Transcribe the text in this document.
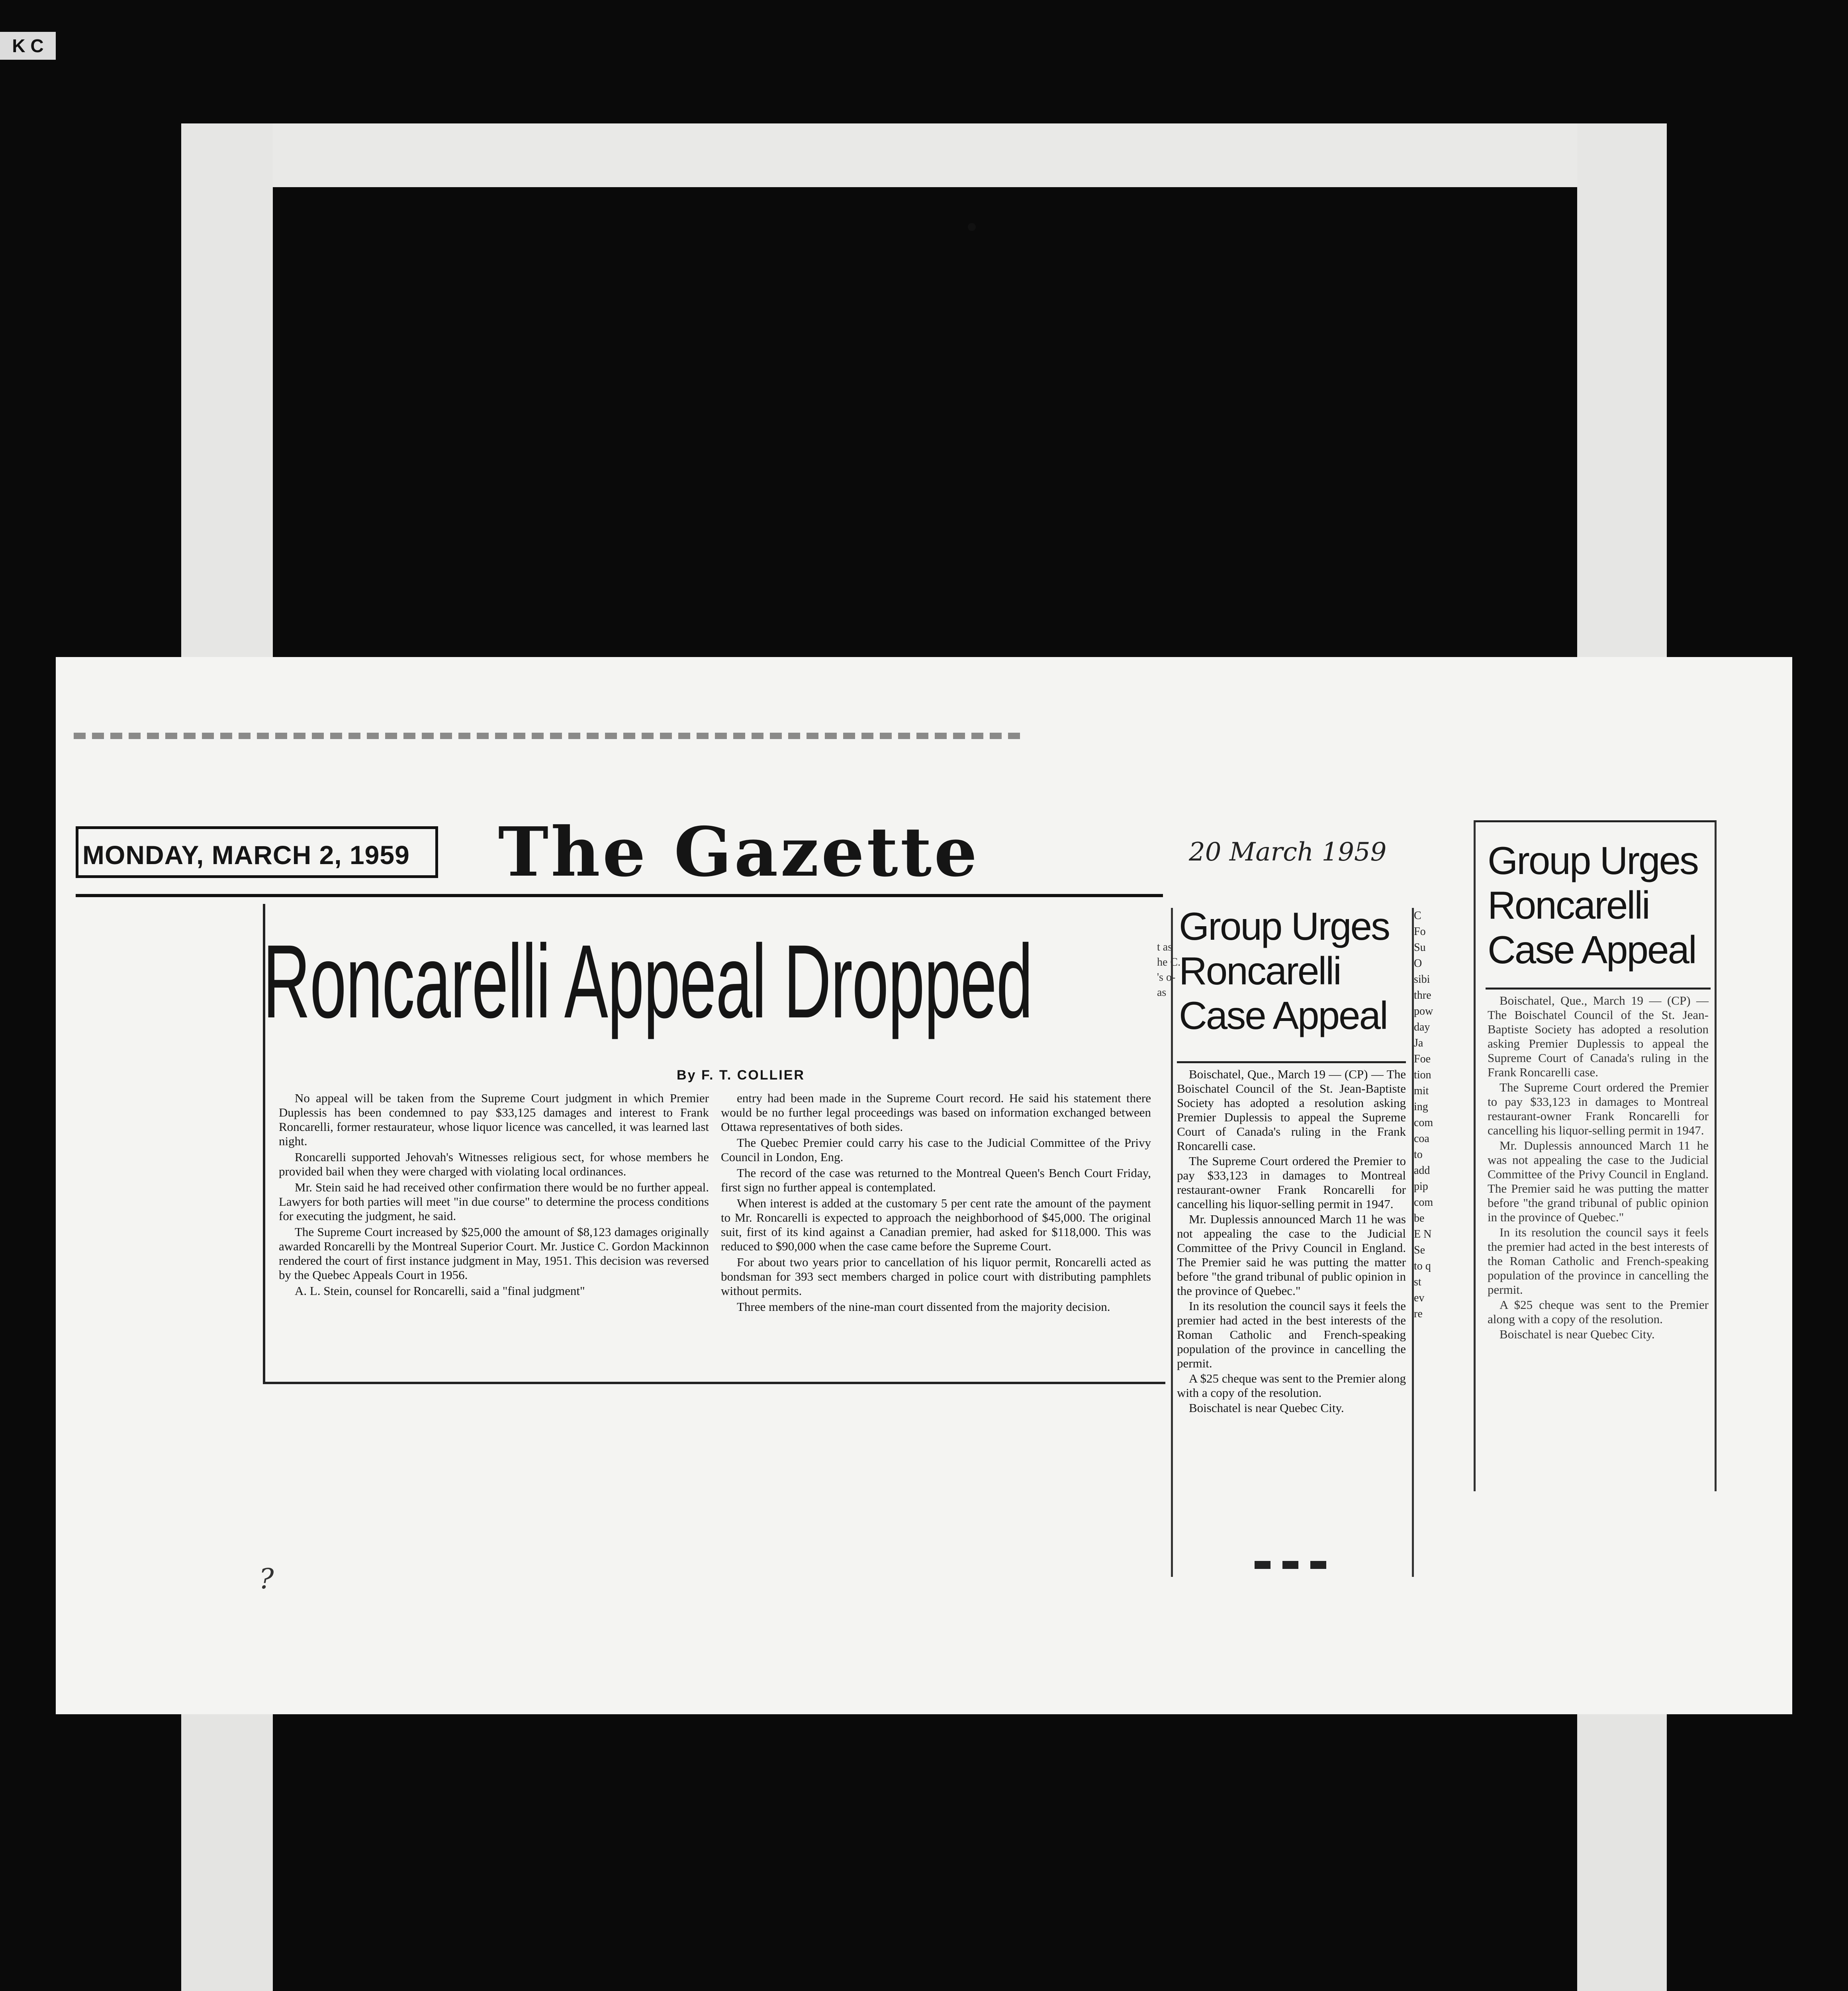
K C
MONDAY, MARCH 2, 1959	The Gazette
Roncarelli Appeal Dropped
By F. T. COLLIER

No appeal will be taken from the Supreme Court judgment in which Premier Duplessis has been condemned to pay $33,125 damages and interest to Frank Roncarelli, former restaurateur, whose liquor licence was cancelled, it was learned last night.

Roncarelli supported Jehovah's Witnesses religious sect, for whose members he provided bail when they were charged with violating local ordinances.

Mr. Stein said he had received other confirmation there would be no further appeal. Lawyers for both parties will meet "in due course" to determine the process conditions for executing the judgment, he said.

The Supreme Court increased by $25,000 the amount of $8,123 damages originally awarded Roncarelli by the Montreal Superior Court. Mr. Justice C. Gordon Mackinnon rendered the court of first instance judgment in May, 1951. This decision was reversed by the Quebec Appeals Court in 1956.

A. L. Stein, counsel for Roncarelli, said a "final judgment"

entry had been made in the Supreme Court record. He said his statement there would be no further legal proceedings was based on information exchanged between Ottawa representatives of both sides.

The Quebec Premier could carry his case to the Judicial Committee of the Privy Council in London, Eng.

The record of the case was returned to the Montreal Queen's Bench Court Friday, first sign no further appeal is contemplated.

When interest is added at the customary 5 per cent rate the amount of the payment to Mr. Roncarelli is expected to approach the neighborhood of $45,000. The original suit, first of its kind against a Canadian premier, had asked for $118,000. This was reduced to $90,000 when the case came before the Supreme Court.

For about two years prior to cancellation of his liquor permit, Roncarelli acted as bondsman for 393 sect members charged in police court with distributing pamphlets without permits.

Three members of the nine-man court dissented from the majority decision.

t as he C. 's o- as
C Fo Su O sibi thre pow day Ja Foe tion mit ing com coa to add pip com be E N Se to q st ev re
20 March 1959
Group Urges Roncarelli Case Appeal

Boischatel, Que., March 19 — (CP) — The Boischatel Council of the St. Jean-Baptiste Society has adopted a resolution asking Premier Duplessis to appeal the Supreme Court of Canada's ruling in the Frank Roncarelli case.

The Supreme Court ordered the Premier to pay $33,123 in damages to Montreal restaurant-owner Frank Roncarelli for cancelling his liquor-selling permit in 1947.

Mr. Duplessis announced March 11 he was not appealing the case to the Judicial Committee of the Privy Council in England. The Premier said he was putting the matter before "the grand tribunal of public opinion in the province of Quebec."

In its resolution the council says it feels the premier had acted in the best interests of the Roman Catholic and French-speaking population of the province in cancelling the permit.

A $25 cheque was sent to the Premier along with a copy of the resolution.

Boischatel is near Quebec City.

Group Urges Roncarelli Case Appeal

Boischatel, Que., March 19 — (CP) — The Boischatel Council of the St. Jean-Baptiste Society has adopted a resolution asking Premier Duplessis to appeal the Supreme Court of Canada's ruling in the Frank Roncarelli case.

The Supreme Court ordered the Premier to pay $33,123 in damages to Montreal restaurant-owner Frank Roncarelli for cancelling his liquor-selling permit in 1947.

Mr. Duplessis announced March 11 he was not appealing the case to the Judicial Committee of the Privy Council in England. The Premier said he was putting the matter before "the grand tribunal of public opinion in the province of Quebec."

In its resolution the council says it feels the premier had acted in the best interests of the Roman Catholic and French-speaking population of the province in cancelling the permit.

A $25 cheque was sent to the Premier along with a copy of the resolution.

Boischatel is near Quebec City.

?
